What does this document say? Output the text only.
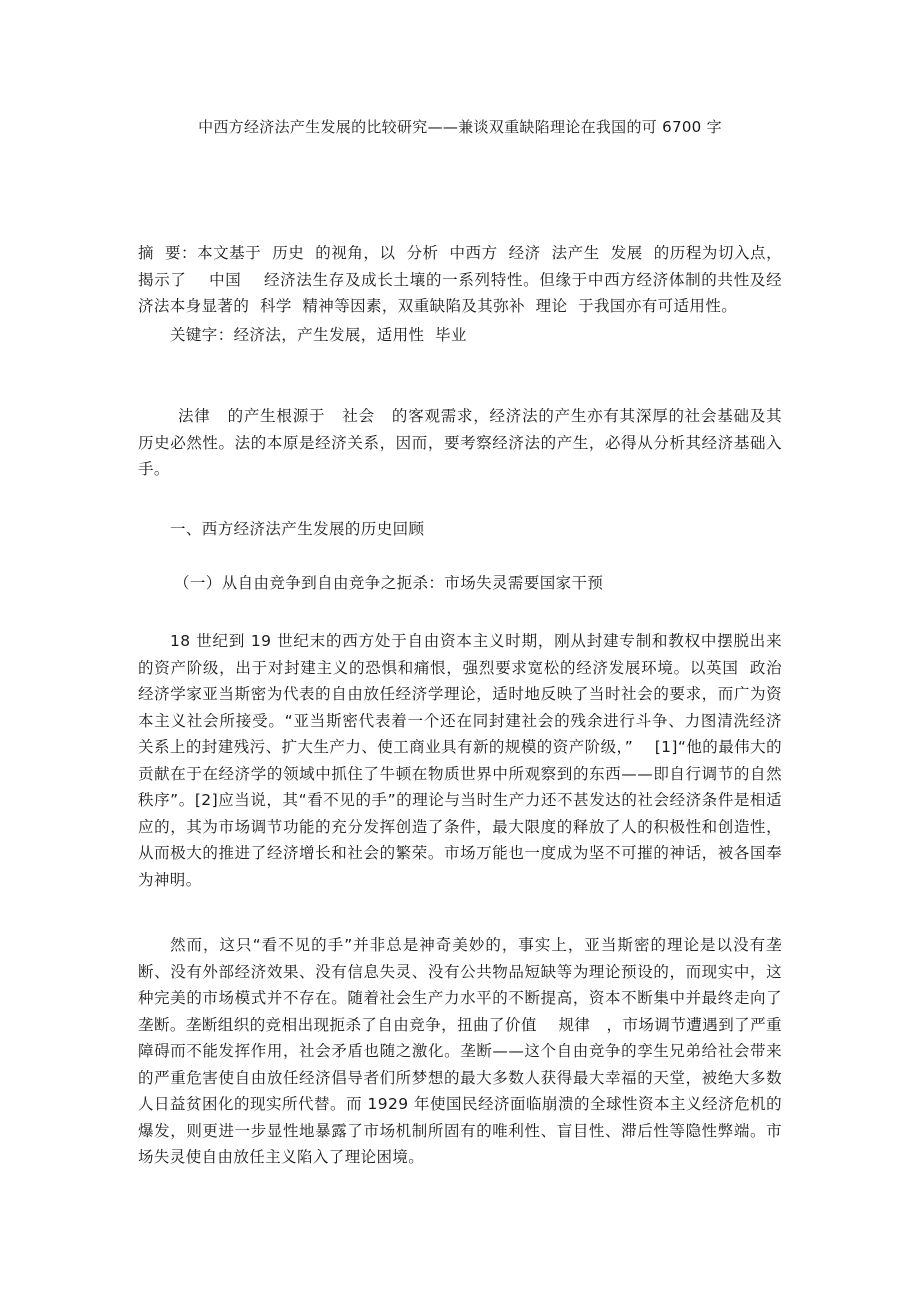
中西方经济法产生发展的比较研究——兼谈双重缺陷理论在我国的可 6700 字
摘  要：本文基于  历史  的视角，以  分析  中西方  经济  法产生  发展  的历程为切入点，揭示了    中国    经济法生存及成长土壤的一系列特性。但缘于中西方经济体制的共性及经济法本身显著的  科学  精神等因素，双重缺陷及其弥补  理论  于我国亦有可适用性。
关键字：经济法，产生发展，适用性  毕业
法律   的产生根源于   社会   的客观需求，经济法的产生亦有其深厚的社会基础及其历史必然性。法的本原是经济关系，因而，要考察经济法的产生，必得从分析其经济基础入手。
一、西方经济法产生发展的历史回顾
（一）从自由竞争到自由竞争之扼杀：市场失灵需要国家干预
18 世纪到 19 世纪末的西方处于自由资本主义时期，刚从封建专制和教权中摆脱出来的资产阶级，出于对封建主义的恐惧和痛恨，强烈要求宽松的经济发展环境。以英国  政治  经济学家亚当斯密为代表的自由放任经济学理论，适时地反映了当时社会的要求，而广为资本主义社会所接受。“亚当斯密代表着一个还在同封建社会的残余进行斗争、力图清洗经济关系上的封建残污、扩大生产力、使工商业具有新的规模的资产阶级，”    [1]“他的最伟大的贡献在于在经济学的领域中抓住了牛顿在物质世界中所观察到的东西——即自行调节的自然     秩序”。[2]应当说，其“看不见的手”的理论与当时生产力还不甚发达的社会经济条件是相适应的，其为市场调节功能的充分发挥创造了条件，最大限度的释放了人的积极性和创造性，从而极大的推进了经济增长和社会的繁荣。市场万能也一度成为坚不可摧的神话，被各国奉为神明。
然而，这只“看不见的手”并非总是神奇美妙的，事实上，亚当斯密的理论是以没有垄断、没有外部经济效果、没有信息失灵、没有公共物品短缺等为理论预设的，而现实中，这种完美的市场模式并不存在。随着社会生产力水平的不断提高，资本不断集中并最终走向了垄断。垄断组织的竞相出现扼杀了自由竞争，扭曲了价值    规律   ，市场调节遭遇到了严重障碍而不能发挥作用，社会矛盾也随之激化。垄断——这个自由竞争的孪生兄弟给社会带来的严重危害使自由放任经济倡导者们所梦想的最大多数人获得最大幸福的天堂，被绝大多数人日益贫困化的现实所代替。而 1929 年使国民经济面临崩溃的全球性资本主义经济危机的爆发，则更进一步显性地暴露了市场机制所固有的唯利性、盲目性、滞后性等隐性弊端。市场失灵使自由放任主义陷入了理论困境。
